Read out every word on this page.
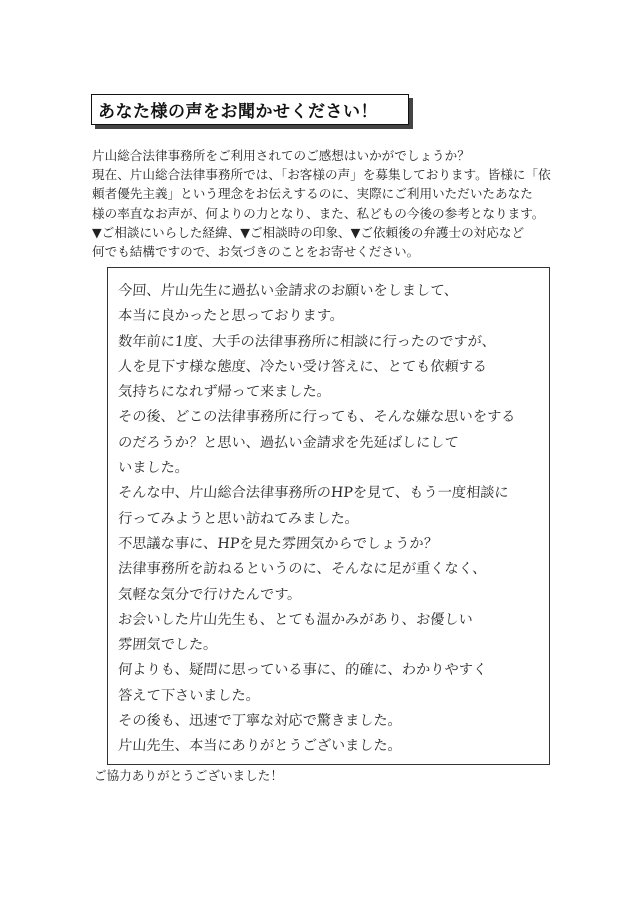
あなた様の声をお聞かせください！
片山総合法律事務所をご利用されてのご感想はいかがでしょうか？
現在、片山総合法律事務所では、「お客様の声」を募集しております。皆様に「依
頼者優先主義」という理念をお伝えするのに、実際にご利用いただいたあなた
様の率直なお声が、何よりの力となり、また、私どもの今後の参考となります。
▼ご相談にいらした経緯、▼ご相談時の印象、▼ご依頼後の弁護士の対応など
何でも結構ですので、お気づきのことをお寄せください。
今回、片山先生に過払い金請求のお願いをしまして、
本当に良かったと思っております。
数年前に1度、大手の法律事務所に相談に行ったのですが、
人を見下す様な態度、冷たい受け答えに、とても依頼する
気持ちになれず帰って来ました。
その後、どこの法律事務所に行っても、そんな嫌な思いをする
のだろうか？と思い、過払い金請求を先延ばしにして
いました。
そんな中、片山総合法律事務所のHPを見て、もう一度相談に
行ってみようと思い訪ねてみました。
不思議な事に、HPを見た雰囲気からでしょうか？
法律事務所を訪ねるというのに、そんなに足が重くなく、
気軽な気分で行けたんです。
お会いした片山先生も、とても温かみがあり、お優しい
雰囲気でした。
何よりも、疑問に思っている事に、的確に、わかりやすく
答えて下さいました。
その後も、迅速で丁寧な対応で驚きました。
片山先生、本当にありがとうございました。
ご協力ありがとうございました！
